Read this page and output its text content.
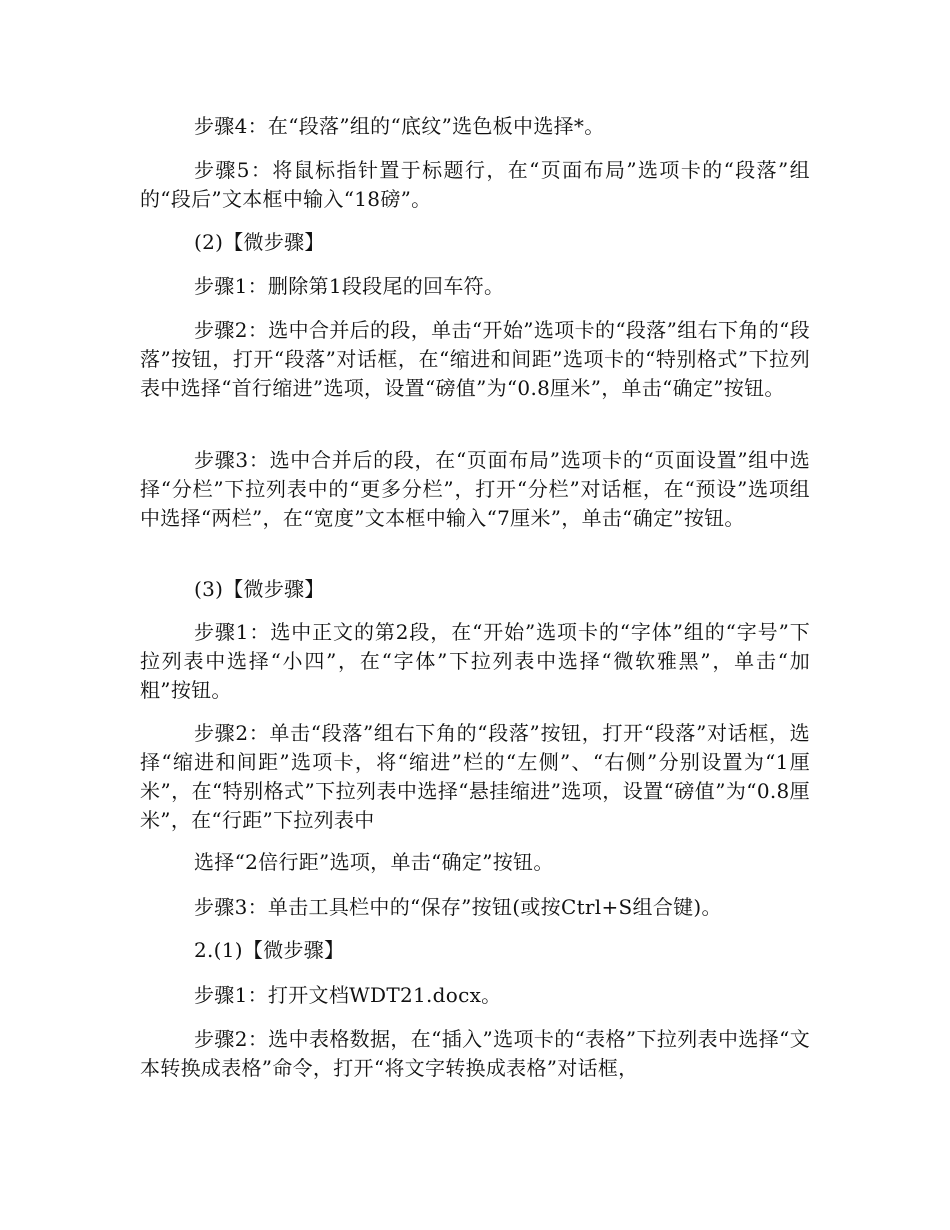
步骤4：在“段落”组的“底纹”选色板中选择*。

步骤5：将鼠标指针置于标题行，在“页面布局”选项卡的“段落”组的“段后”文本框中输入“18磅”。

(2)【微步骤】

步骤1：删除第1段段尾的回车符。

步骤2：选中合并后的段，单击“开始”选项卡的“段落”组右下角的“段落”按钮，打开“段落”对话框，在“缩进和间距”选项卡的“特别格式”下拉列表中选择“首行缩进”选项，设置“磅值”为“0.8厘米”，单击“确定”按钮。

步骤3：选中合并后的段，在“页面布局”选项卡的“页面设置”组中选择“分栏”下拉列表中的“更多分栏”，打开“分栏”对话框，在“预设”选项组中选择“两栏”，在“宽度”文本框中输入“7厘米”，单击“确定”按钮。

(3)【微步骤】

步骤1：选中正文的第2段，在“开始”选项卡的“字体”组的“字号”下拉列表中选择“小四”，在“字体”下拉列表中选择“微软雅黑”，单击“加粗”按钮。

步骤2：单击“段落”组右下角的“段落”按钮，打开“段落”对话框，选择“缩进和间距”选项卡，将“缩进”栏的“左侧”、“右侧”分别设置为“1厘米”，在“特别格式”下拉列表中选择“悬挂缩进”选项，设置“磅值”为“0.8厘米”，在“行距”下拉列表中

选择“2倍行距”选项，单击“确定”按钮。

步骤3：单击工具栏中的“保存”按钮(或按Ctrl+S组合键)。

2.(1)【微步骤】

步骤1：打开文档WDT21.docx。

步骤2：选中表格数据，在“插入”选项卡的“表格”下拉列表中选择“文本转换成表格”命令，打开“将文字转换成表格”对话框，
